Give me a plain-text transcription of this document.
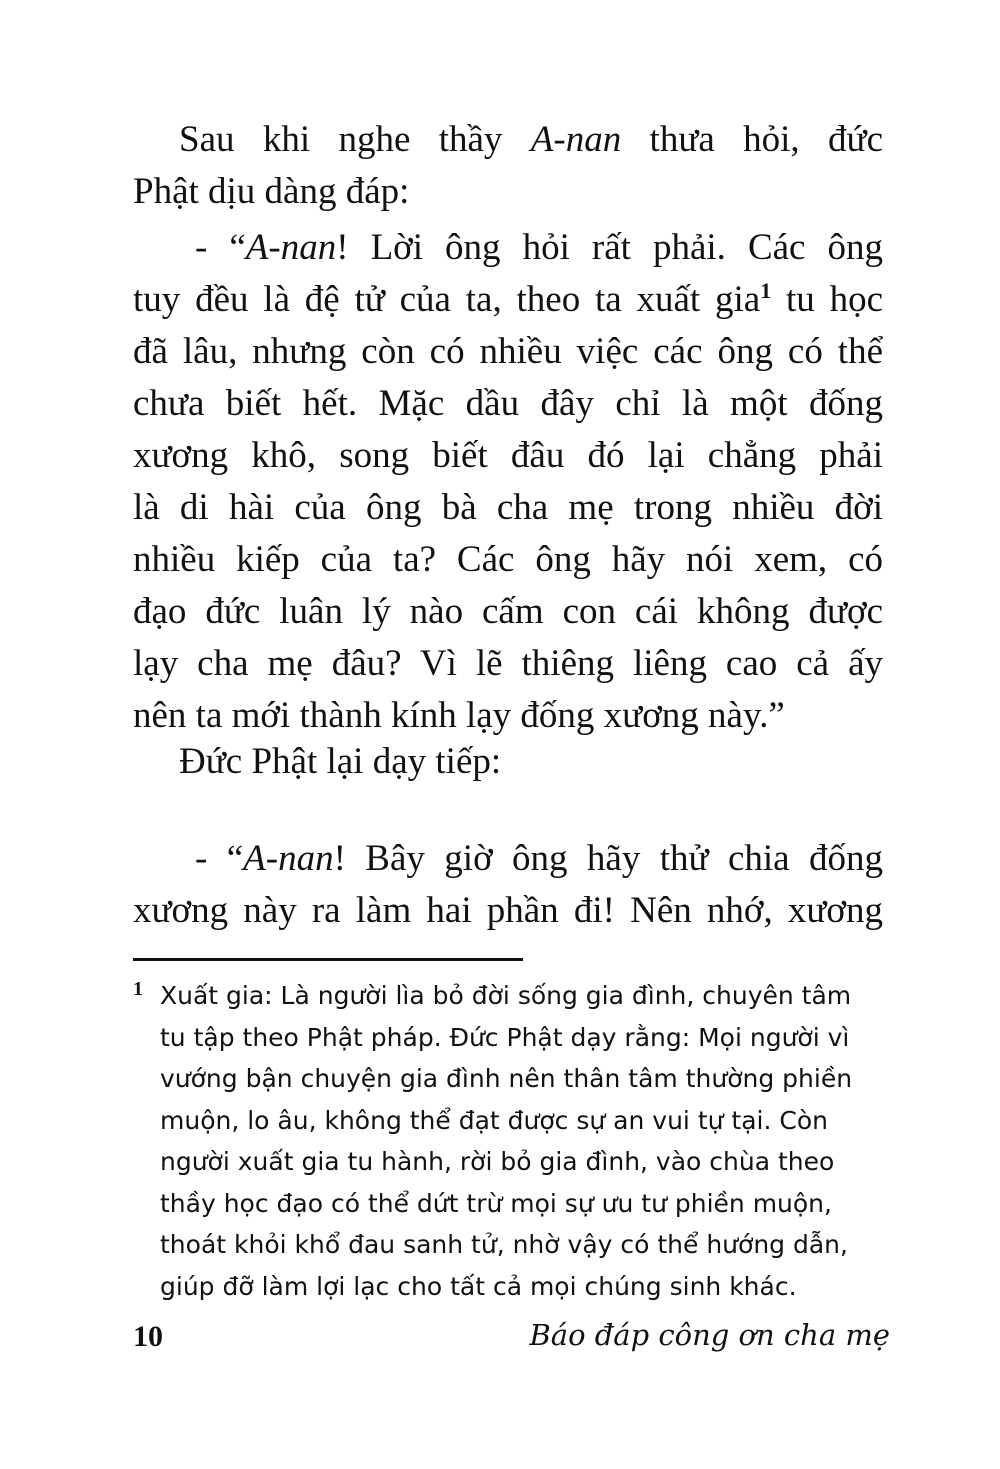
Sau khi nghe thầy A-nan thưa hỏi, đức
Phật dịu dàng đáp:
- “A-nan! Lời ông hỏi rất phải. Các ông
tuy đều là đệ tử của ta, theo ta xuất gia$^1$ tu học
đã lâu, nhưng còn có nhiều việc các ông có thể
chưa biết hết. Mặc dầu đây chỉ là một đống
xương khô, song biết đâu đó lại chẳng phải
là di hài của ông bà cha mẹ trong nhiều đời
nhiều kiếp của ta? Các ông hãy nói xem, có
đạo đức luân lý nào cấm con cái không được
lạy cha mẹ đâu? Vì lẽ thiêng liêng cao cả ấy
nên ta mới thành kính lạy đống xương này.”
Đức Phật lại dạy tiếp:
- “A-nan! Bây giờ ông hãy thử chia đống
xương này ra làm hai phần đi! Nên nhớ, xương
1 Xuất gia: Là người lìa bỏ đời sống gia đình, chuyên tâm
tu tập theo Phật pháp. Đức Phật dạy rằng: Mọi người vì
vướng bận chuyện gia đình nên thân tâm thường phiền
muộn, lo âu, không thể đạt được sự an vui tự tại. Còn
người xuất gia tu hành, rời bỏ gia đình, vào chùa theo
thầy học đạo có thể dứt trừ mọi sự ưu tư phiền muộn,
thoát khỏi khổ đau sanh tử, nhờ vậy có thể hướng dẫn,
giúp đỡ làm lợi lạc cho tất cả mọi chúng sinh khác.
10	Báo đáp công ơn cha mẹ
